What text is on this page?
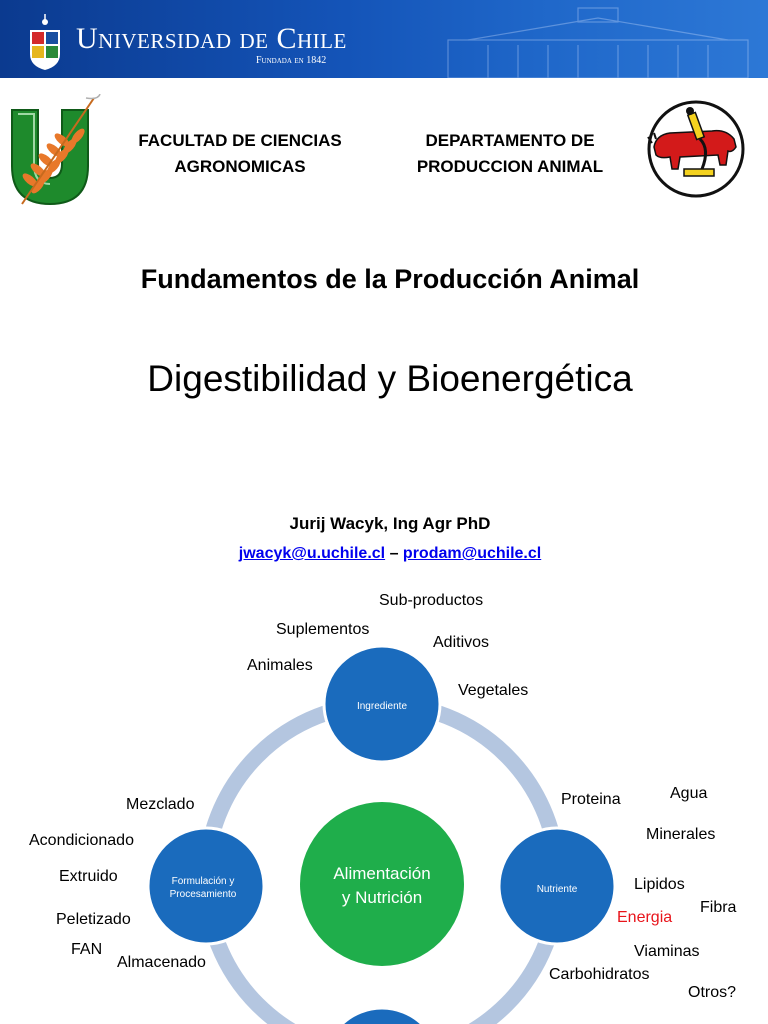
Universidad de Chile
Fundada en 1842
FACULTAD DE CIENCIAS
AGRONOMICAS
DEPARTAMENTO DE
PRODUCCION ANIMAL
Fundamentos de la Producción Animal
Digestibilidad y Bioenergética
Jurij Wacyk, Ing Agr PhD
jwacyk@u.uchile.cl – prodam@uchile.cl
Alimentación
y Nutrición
Ingrediente
Nutriente
Formulación y
Procesamiento
Sub-productos
Suplementos
Aditivos
Animales
Vegetales
Proteina	Agua
Minerales
Lipidos
Fibra
Energia
Viaminas
Carbohidratos
Otros?
Mezclado
Acondicionado
Extruido
Peletizado
FAN
Almacenado
